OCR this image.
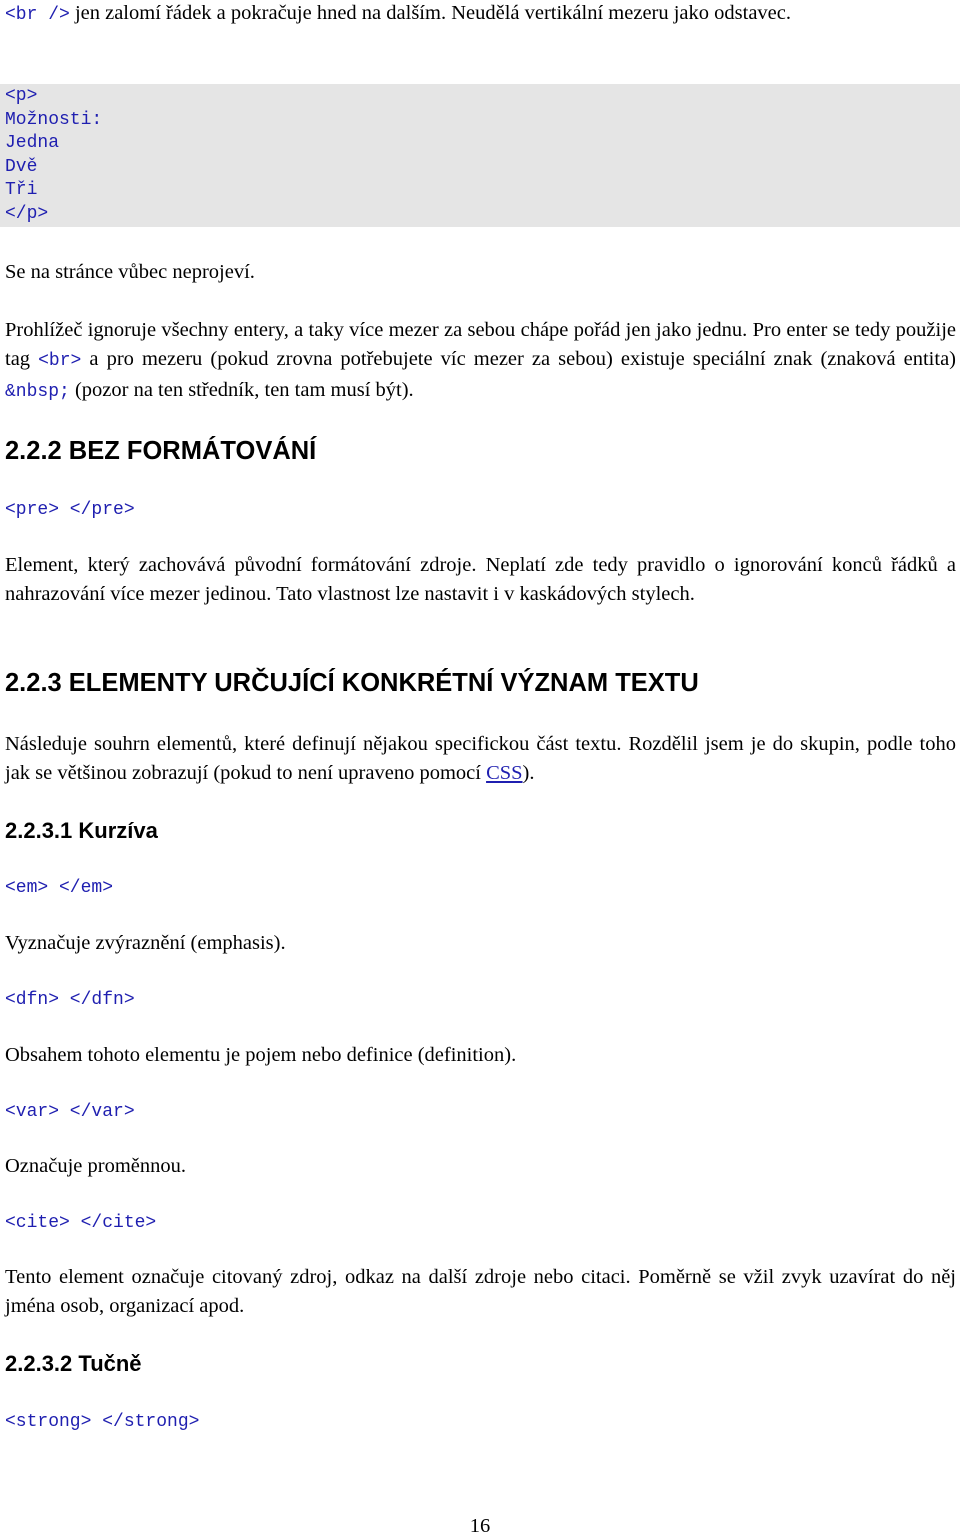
<br /> jen zalomí řádek a pokračuje hned na dalším. Neudělá vertikální mezeru jako odstavec.

<p>
Možnosti:
Jedna
Dvě
Tři
</p>

Se na stránce vůbec neprojeví.

Prohlížeč ignoruje všechny entery, a taky více mezer za sebou chápe pořád jen jako jednu. Pro enter se tedy použije tag <br> a pro mezeru (pokud zrovna potřebujete víc mezer za sebou) existuje speciální znak (znaková entita) &nbsp; (pozor na ten středník, ten tam musí být).

2.2.2 BEZ FORMÁTOVÁNÍ

<pre> </pre>

Element, který zachovává původní formátování zdroje. Neplatí zde tedy pravidlo o ignorování konců řádků a nahrazování více mezer jedinou. Tato vlastnost lze nastavit i v kaskádových stylech.

2.2.3 ELEMENTY URČUJÍCÍ KONKRÉTNÍ VÝZNAM TEXTU

Následuje souhrn elementů, které definují nějakou specifickou část textu. Rozdělil jsem je do skupin, podle toho jak se většinou zobrazují (pokud to není upraveno pomocí CSS).

2.2.3.1 Kurzíva

<em> </em>

Vyznačuje zvýraznění (emphasis).

<dfn> </dfn>

Obsahem tohoto elementu je pojem nebo definice (definition).

<var> </var>

Označuje proměnnou.

<cite> </cite>

Tento element označuje citovaný zdroj, odkaz na další zdroje nebo citaci. Poměrně se vžil zvyk uzavírat do něj jména osob, organizací apod.

2.2.3.2 Tučně

<strong> </strong>

16
